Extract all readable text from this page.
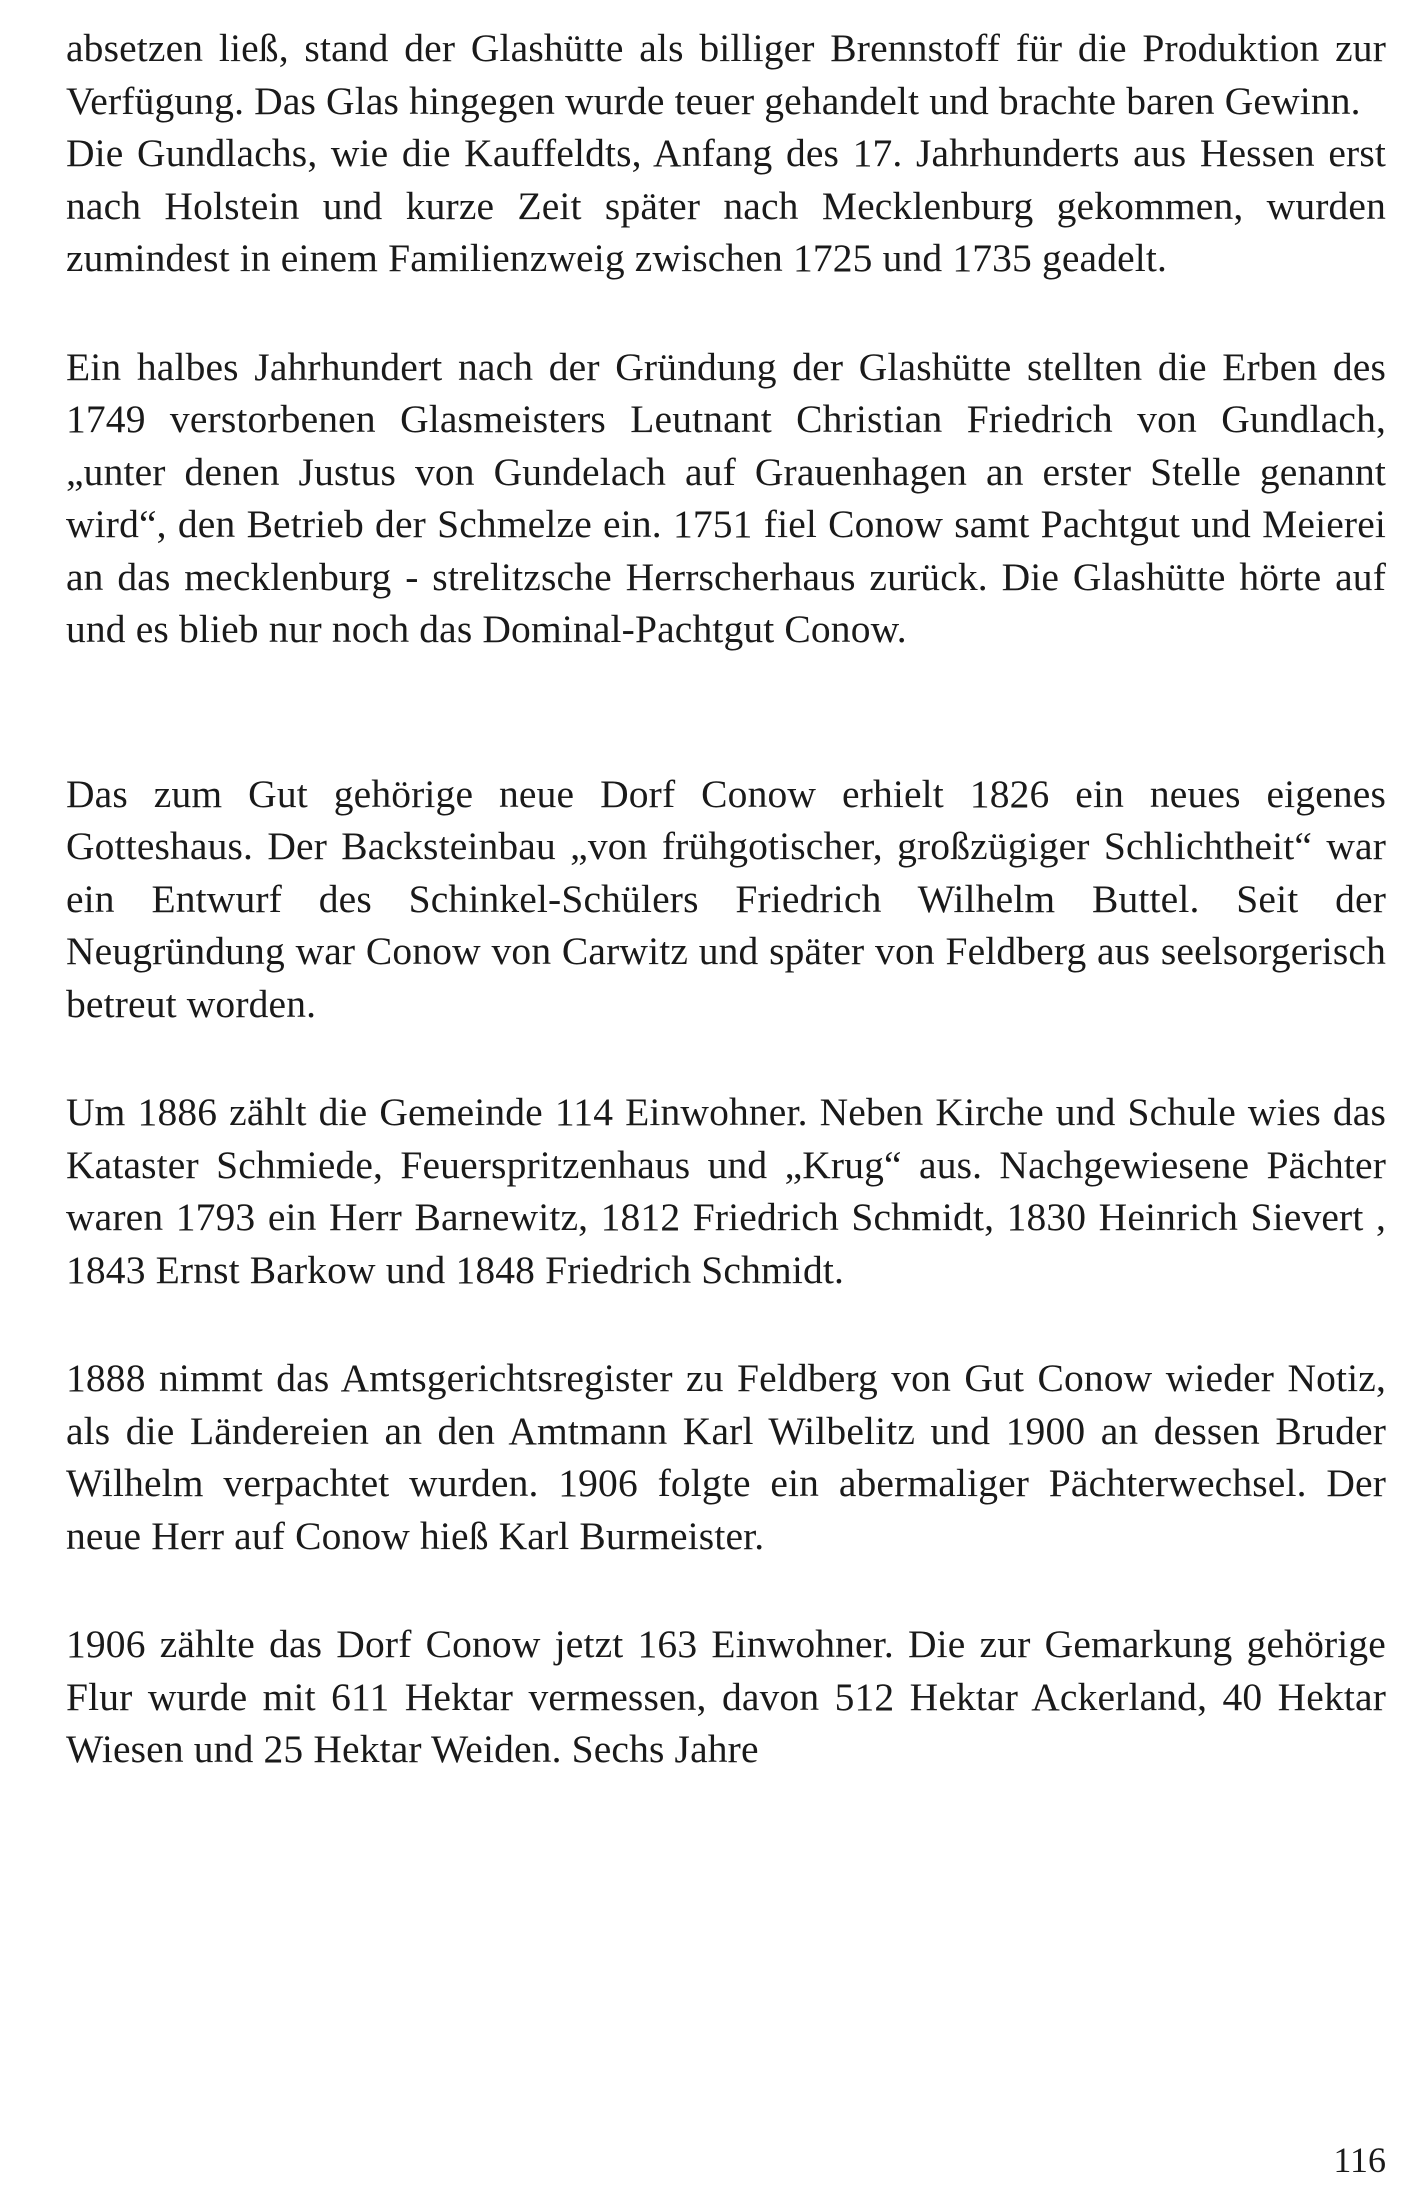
absetzen ließ, stand der Glashütte als billiger Brennstoff für die Produktion zur Verfügung. Das Glas hingegen wurde teuer gehandelt und brachte baren Gewinn.

Die Gundlachs, wie die Kauffeldts, Anfang des 17. Jahrhunderts aus Hessen erst nach Holstein und kurze Zeit später nach Mecklenburg gekommen, wurden zumindest in einem Familienzweig zwischen 1725 und 1735 geadelt.

Ein halbes Jahrhundert nach der Gründung der Glashütte stellten die Erben des 1749 verstorbenen Glasmeisters Leutnant Christian Friedrich von Gundlach, „unter denen Justus von Gundelach auf Grauenhagen an erster Stelle genannt wird“, den Betrieb der Schmelze ein. 1751 fiel Conow samt Pachtgut und Meierei an das mecklenburg - strelitzsche Herrscherhaus zurück. Die Glashütte hörte auf und es blieb nur noch das Dominal-Pachtgut Conow.

Das zum Gut gehörige neue Dorf Conow erhielt 1826 ein neues eigenes Gotteshaus. Der Backsteinbau „von frühgotischer, großzügiger Schlichtheit“ war ein Entwurf des Schinkel-Schülers Friedrich Wilhelm Buttel. Seit der Neugründung war Conow von Carwitz und später von Feldberg aus seelsorgerisch betreut worden.

Um 1886 zählt die Gemeinde 114 Einwohner. Neben Kirche und Schule wies das Kataster Schmiede, Feuerspritzenhaus und „Krug“ aus. Nachgewiesene Pächter waren 1793 ein Herr Barnewitz, 1812 Friedrich Schmidt, 1830 Heinrich Sievert , 1843 Ernst Barkow und 1848 Friedrich Schmidt.

1888 nimmt das Amtsgerichtsregister zu Feldberg von Gut Conow wieder Notiz, als die Ländereien an den Amtmann Karl Wilbelitz und 1900 an dessen Bruder Wilhelm verpachtet wurden. 1906 folgte ein abermaliger Pächterwechsel. Der neue Herr auf Conow hieß Karl Burmeister.

1906 zählte das Dorf Conow jetzt 163 Einwohner. Die zur Gemarkung gehörige Flur wurde mit 611 Hektar vermessen, davon 512 Hektar Ackerland, 40 Hektar Wiesen und 25 Hektar Weiden. Sechs Jahre

116
